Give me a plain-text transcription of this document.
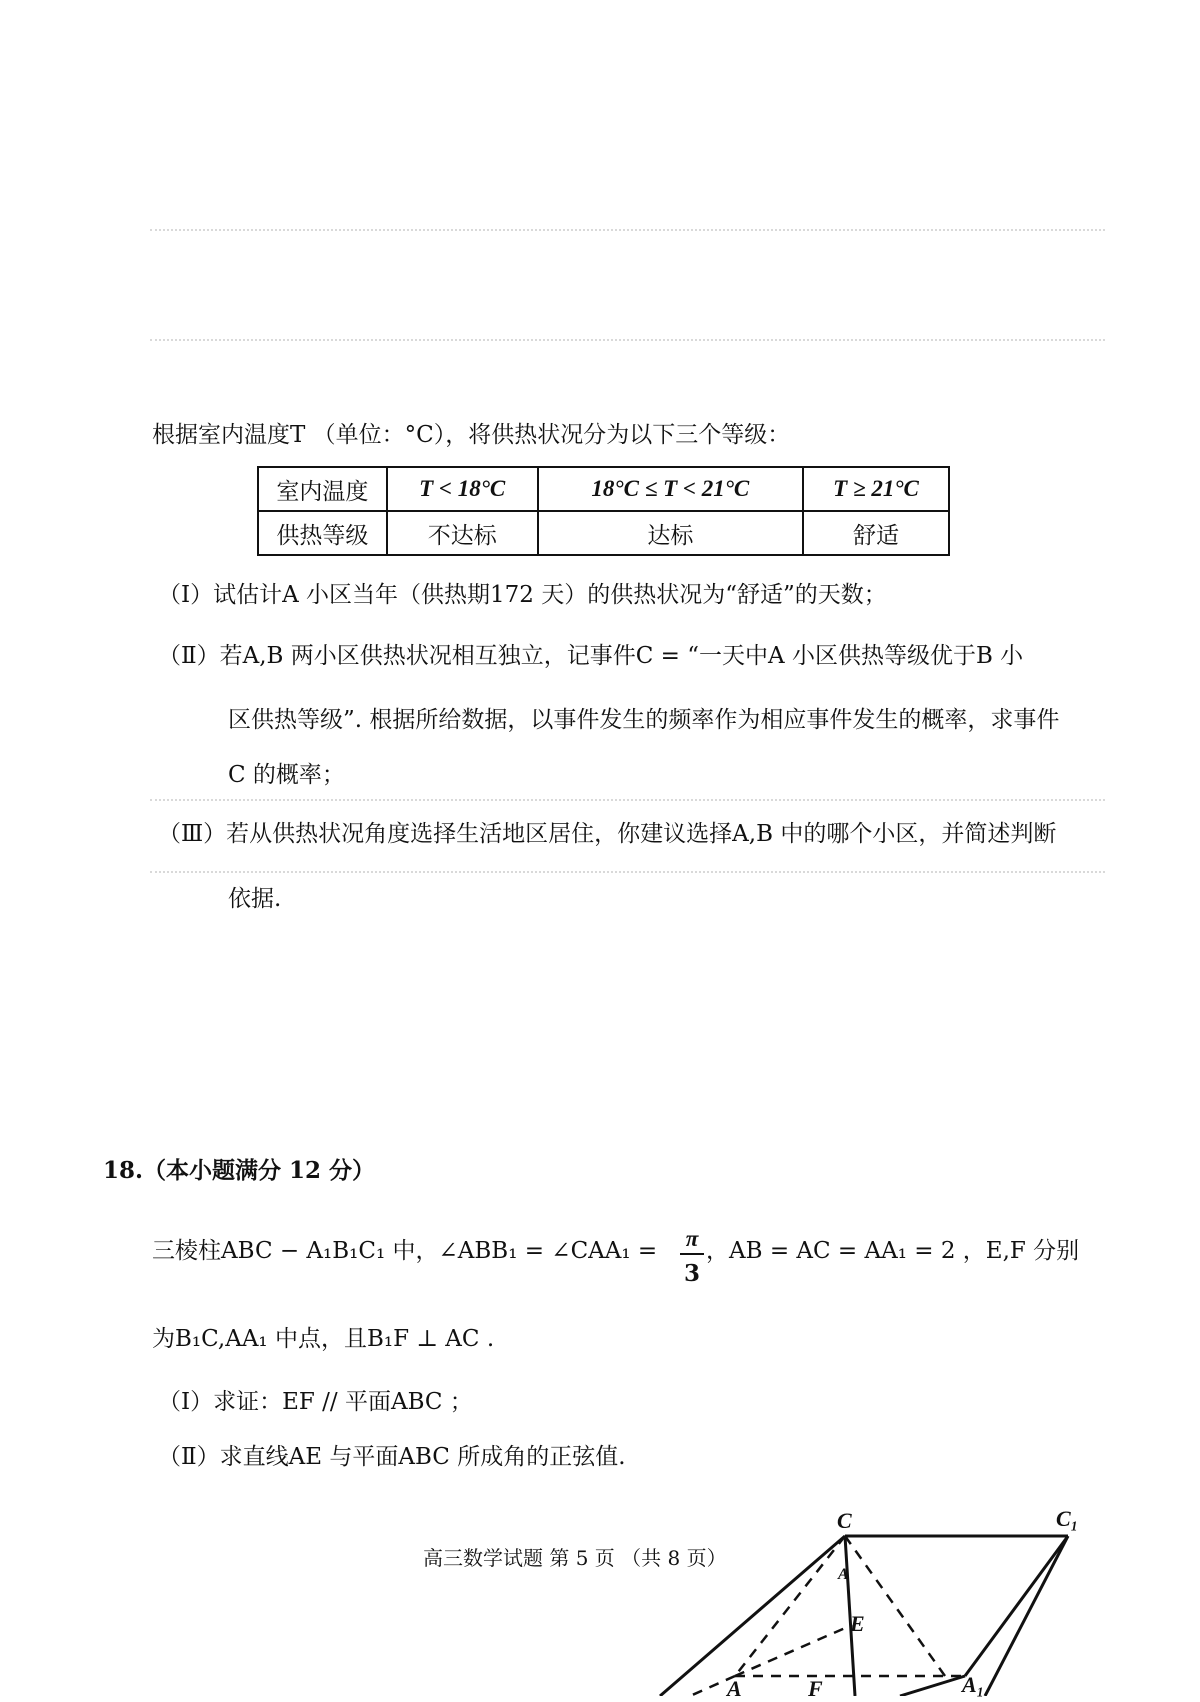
根据室内温度T （单位：°C），将供热状况分为以下三个等级：
室内温度	T < 18°C	18°C ≤ T < 21°C	T ≥ 21°C
供热等级	不达标	达标	舒适
（Ⅰ）试估计A 小区当年（供热期172 天）的供热状况为“舒适”的天数；
（Ⅱ）若A,B 两小区供热状况相互独立，记事件C = “一天中A 小区供热等级优于B 小
区供热等级”. 根据所给数据，以事件发生的频率作为相应事件发生的概率，求事件
C 的概率；
（Ⅲ）若从供热状况角度选择生活地区居住，你建议选择A,B 中的哪个小区，并简述判断
依据.
18.（本小题满分 12 分）
三棱柱ABC − A₁B₁C₁ 中，∠ABB₁ = ∠CAA₁ = π
3
，AB = AC = AA₁ = 2 ，E,F 分别
为B₁C,AA₁ 中点，且B₁F ⊥ AC .
（Ⅰ）求证：EF // 平面ABC ；
（Ⅱ）求直线AE 与平面ABC 所成角的正弦值.
高三数学试题 第 5 页 （共 8 页）
C	C₁
A
E
A	F	A₁
